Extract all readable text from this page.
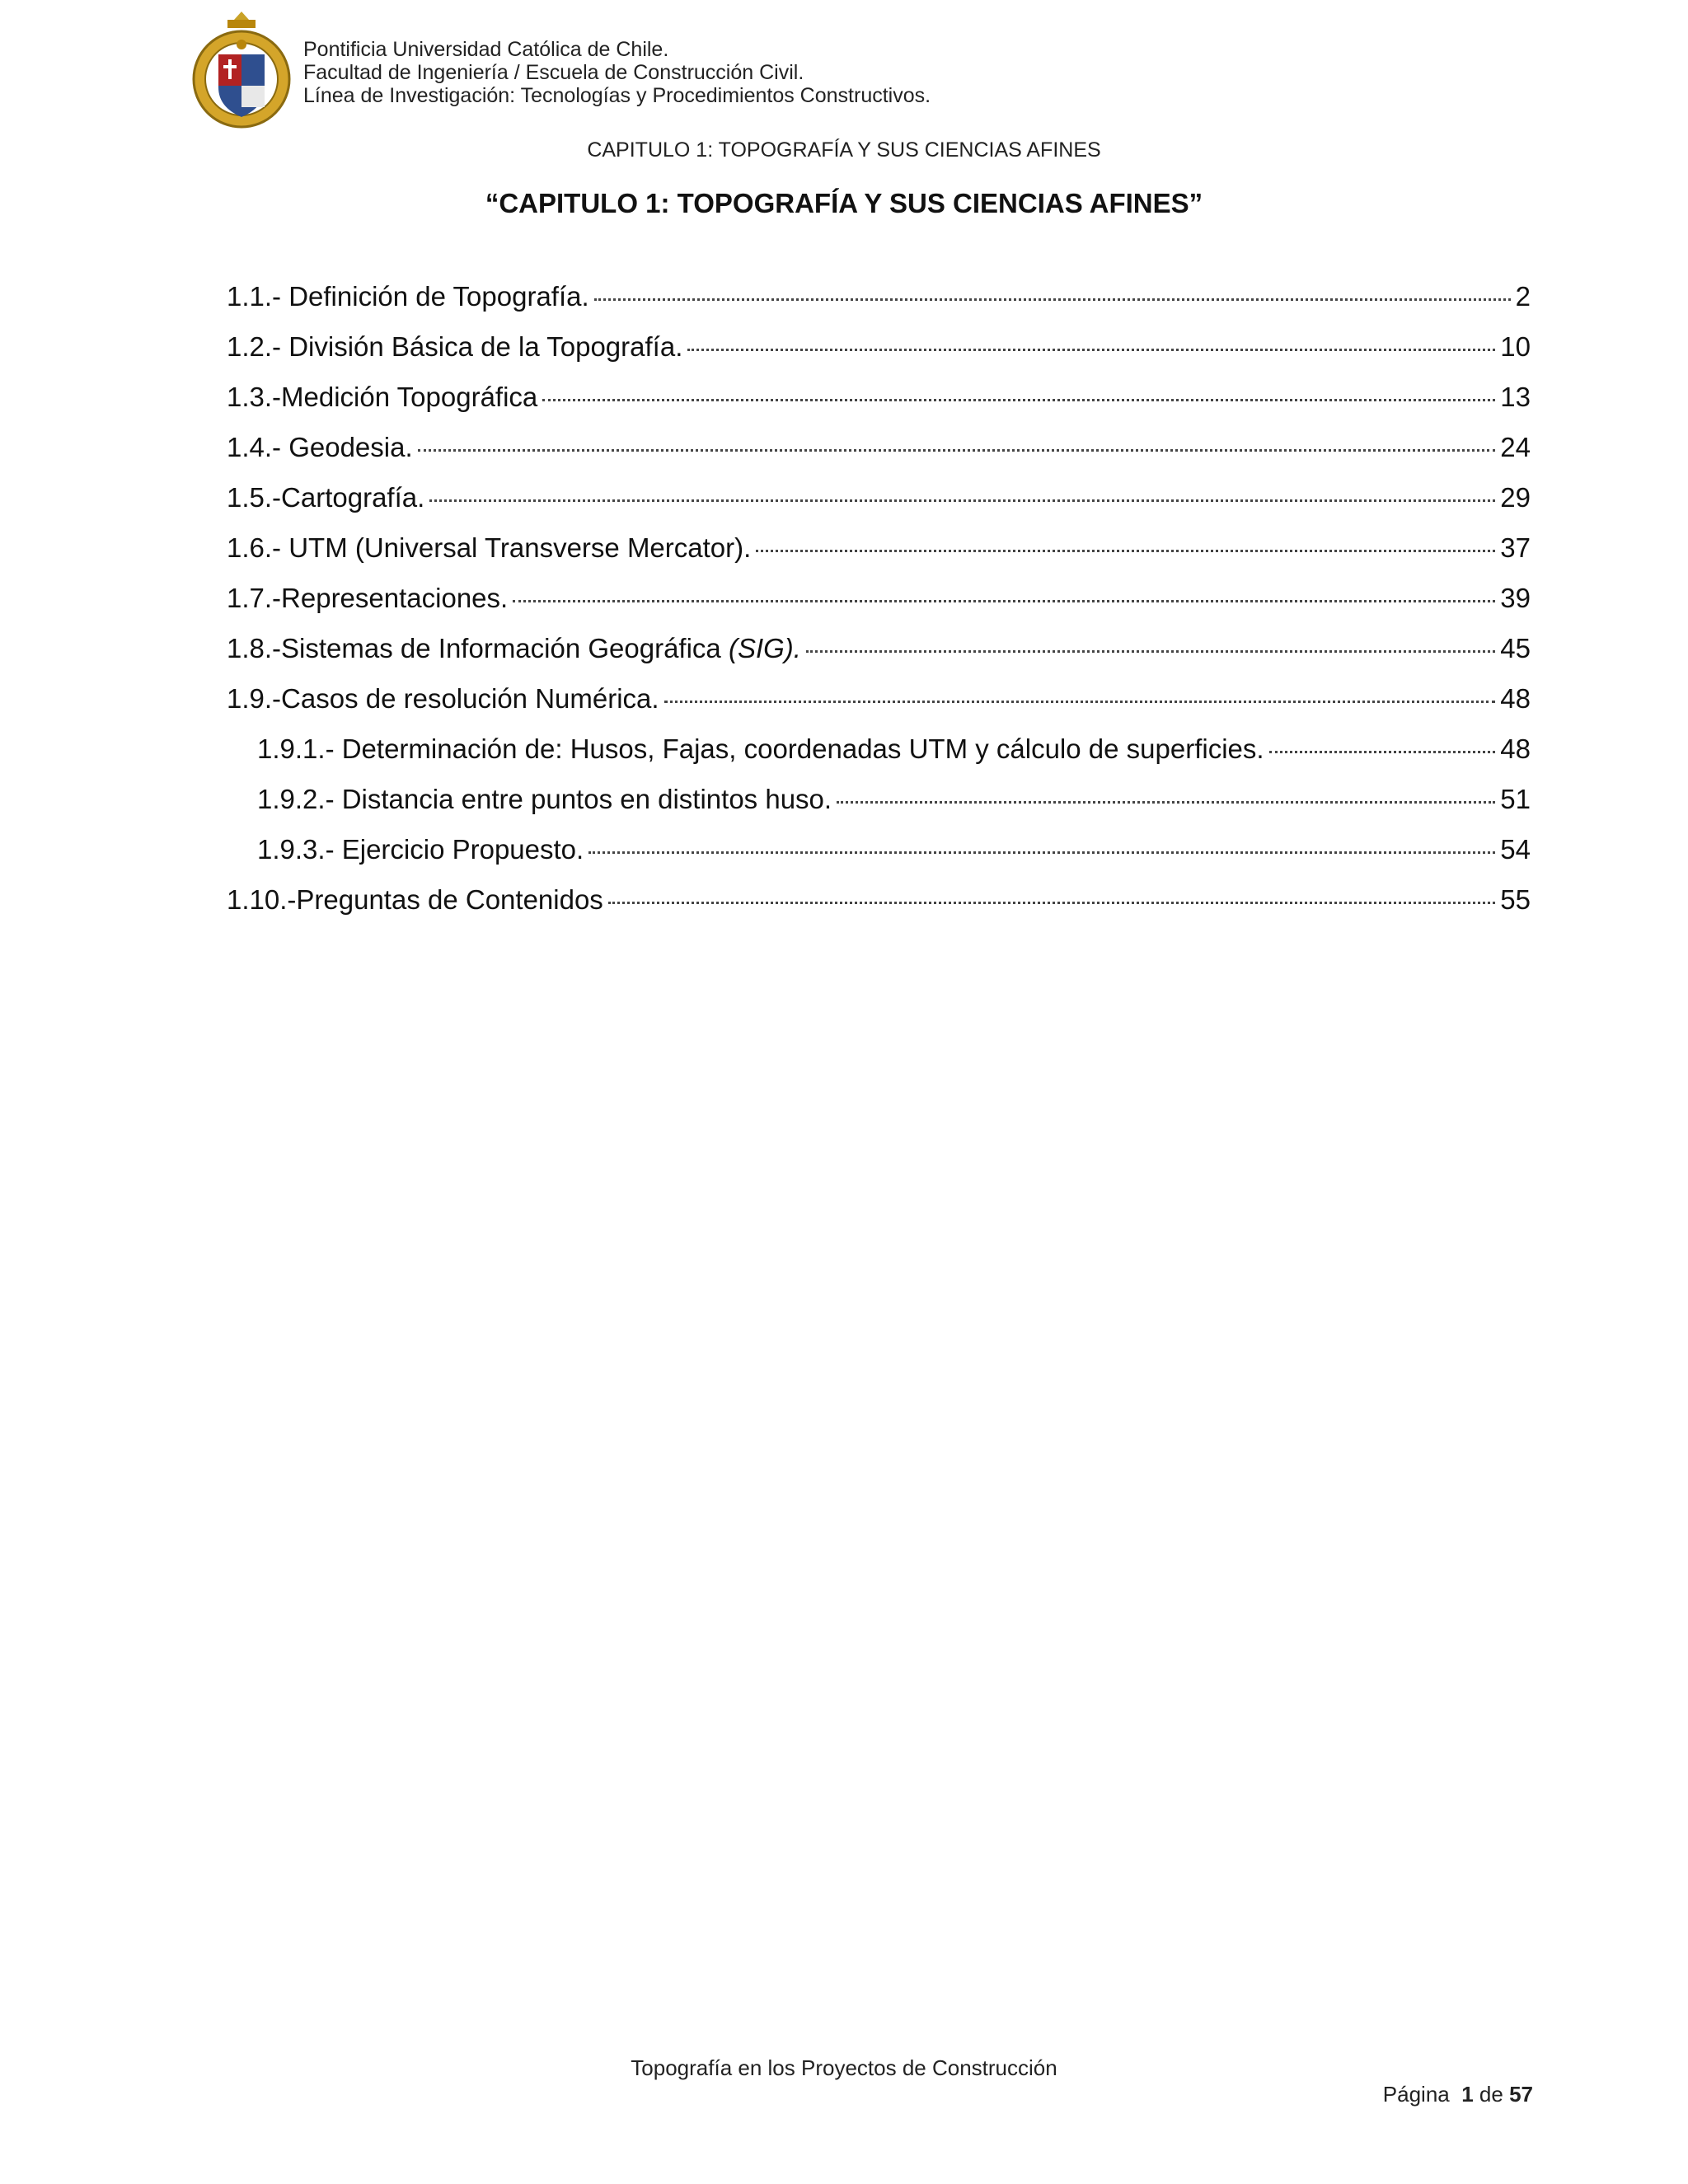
Pontificia Universidad Católica de Chile.
Facultad de Ingeniería / Escuela de Construcción Civil.
Línea de Investigación: Tecnologías y Procedimientos Constructivos.
CAPITULO 1: TOPOGRAFÍA Y SUS CIENCIAS AFINES
“CAPITULO 1: TOPOGRAFÍA Y SUS CIENCIAS AFINES”
1.1.- Definición de Topografía.	2
1.2.- División Básica de la Topografía.	10
1.3.-Medición Topográfica	13
1.4.- Geodesia.	24
1.5.-Cartografía.	29
1.6.- UTM (Universal Transverse Mercator).	37
1.7.-Representaciones.	39
1.8.-Sistemas de Información Geográfica (SIG).	45
1.9.-Casos de resolución Numérica.	48
1.9.1.- Determinación de: Husos, Fajas, coordenadas UTM y cálculo de superficies.	48
1.9.2.- Distancia entre puntos en distintos huso.	51
1.9.3.- Ejercicio Propuesto.	54
1.10.-Preguntas de Contenidos	55
Topografía en los Proyectos de Construcción
Página 1 de 57
